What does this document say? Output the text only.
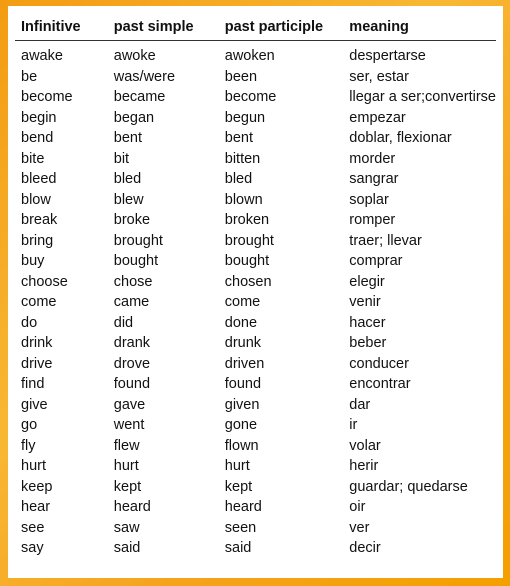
Infinitive	past simple	past participle	meaning
awake	awoke	awoken	despertarse
be	was/were	been	ser, estar
become	became	become	llegar a ser;convertirse
begin	began	begun	empezar
bend	bent	bent	doblar, flexionar
bite	bit	bitten	morder
bleed	bled	bled	sangrar
blow	blew	blown	soplar
break	broke	broken	romper
bring	brought	brought	traer; llevar
buy	bought	bought	comprar
choose	chose	chosen	elegir
come	came	come	venir
do	did	done	hacer
drink	drank	drunk	beber
drive	drove	driven	conducer
find	found	found	encontrar
give	gave	given	dar
go	went	gone	ir
fly	flew	flown	volar
hurt	hurt	hurt	herir
keep	kept	kept	guardar; quedarse
hear	heard	heard	oir
see	saw	seen	ver
say	said	said	decir
